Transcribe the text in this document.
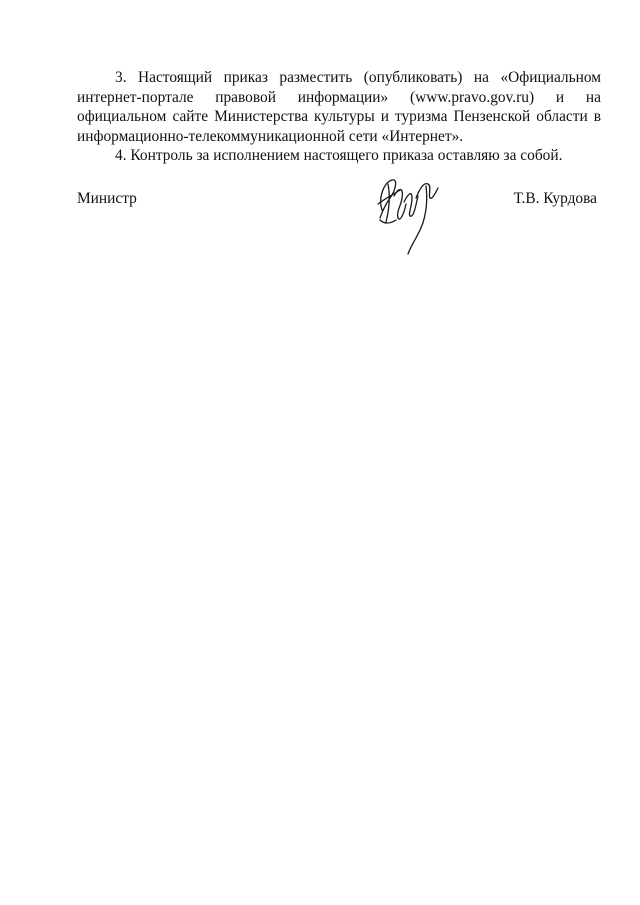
3. Настоящий приказ разместить (опубликовать) на «Официальном интернет-портале правовой информации» (www.pravo.gov.ru) и на официальном сайте Министерства культуры и туризма Пензенской области в информационно-телекоммуникационной сети «Интернет».

4. Контроль за исполнением настоящего приказа оставляю за собой.

Министр	Т.В. Курдова
